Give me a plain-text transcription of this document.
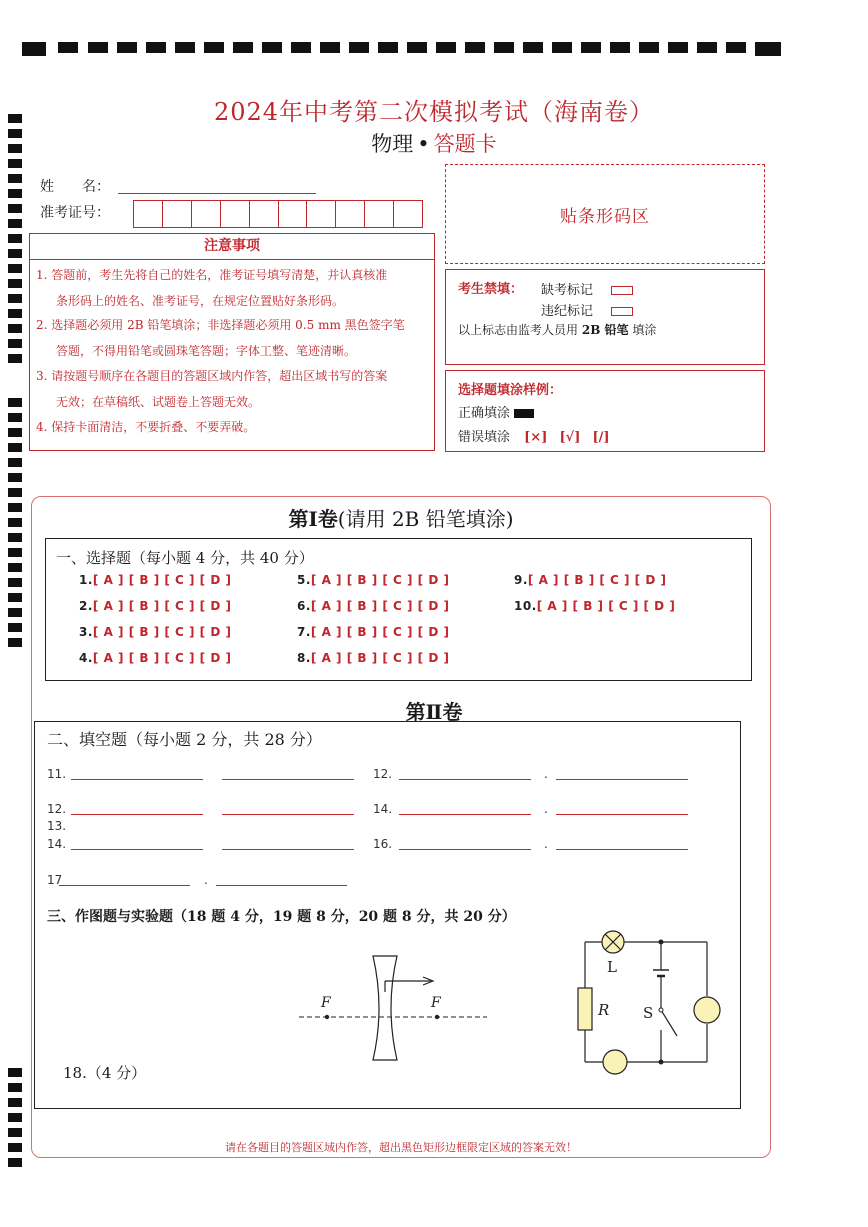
2024年中考第二次模拟考试（海南卷）
物理 • 答题卡
姓　　名：
准考证号：	贴条形码区
注意事项
1. 答题前，考生先将自己的姓名，准考证号填写清楚，并认真核准
条形码上的姓名、准考证号，在规定位置贴好条形码。
2. 选择题必须用 2B 铅笔填涂；非选择题必须用 0.5 mm 黑色签字笔
答题，不得用铅笔或圆珠笔答题；字体工整、笔迹清晰。
3. 请按题号顺序在各题目的答题区域内作答，超出区域书写的答案
无效；在草稿纸、试题卷上答题无效。
4. 保持卡面清洁，不要折叠、不要弄破。
考生禁填： 缺考标记
违纪标记
以上标志由监考人员用 2B 铅笔 填涂
选择题填涂样例：
正确填涂
错误填涂 [×] [√] [/]
第Ⅰ卷(请用 2B 铅笔填涂)
一、选择题（每小题 4 分，共 40 分）
1.[ A ] [ B ] [ C ] [ D ]
2.[ A ] [ B ] [ C ] [ D ]
3.[ A ] [ B ] [ C ] [ D ]
4.[ A ] [ B ] [ C ] [ D ]
5.[ A ] [ B ] [ C ] [ D ]
6.[ A ] [ B ] [ C ] [ D ]
7.[ A ] [ B ] [ C ] [ D ]
8.[ A ] [ B ] [ C ] [ D ]
9.[ A ] [ B ] [ C ] [ D ]
10.[ A ] [ B ] [ C ] [ D ]
第Ⅱ卷
二、填空题（每小题 2 分，共 28 分）
11.	12.	.
12.	14.	.
13.
14.	16.	.
17	.
三、作图题与实验题（18 题 4 分，19 题 8 分，20 题 8 分，共 20 分）
F	F
L
R S
18.（4 分）
请在各题目的答题区域内作答，超出黑色矩形边框限定区域的答案无效！
